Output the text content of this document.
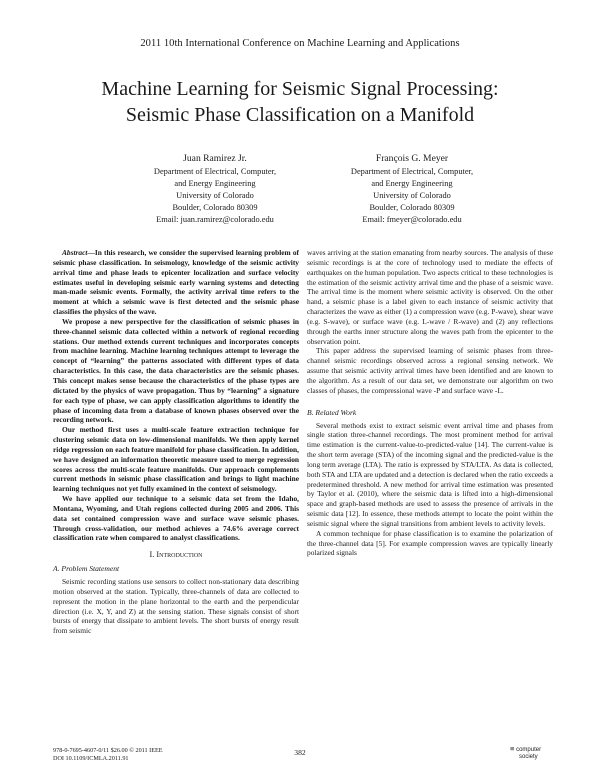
2011 10th International Conference on Machine Learning and Applications
Machine Learning for Seismic Signal Processing:
Seismic Phase Classification on a Manifold
Juan Ramirez Jr.
Department of Electrical, Computer,
and Energy Engineering
University of Colorado
Boulder, Colorado 80309
Email: juan.ramirez@colorado.edu
François G. Meyer
Department of Electrical, Computer,
and Energy Engineering
University of Colorado
Boulder, Colorado 80309
Email: fmeyer@colorado.edu

Abstract—In this research, we consider the supervised learning problem of seismic phase classification. In seismology, knowledge of the seismic activity arrival time and phase leads to epicenter localization and surface velocity estimates useful in developing seismic early warning systems and detecting man-made seismic events. Formally, the activity arrival time refers to the moment at which a seismic wave is first detected and the seismic phase classifies the physics of the wave.

We propose a new perspective for the classification of seismic phases in three-channel seismic data collected within a network of regional recording stations. Our method extends current techniques and incorporates concepts from machine learning. Machine learning techniques attempt to leverage the concept of “learning” the patterns associated with different types of data characteristics. In this case, the data characteristics are the seismic phases. This concept makes sense because the characteristics of the phase types are dictated by the physics of wave propagation. Thus by “learning” a signature for each type of phase, we can apply classification algorithms to identify the phase of incoming data from a database of known phases observed over the recording network.

Our method first uses a multi-scale feature extraction technique for clustering seismic data on low-dimensional manifolds. We then apply kernel ridge regression on each feature manifold for phase classification. In addition, we have designed an information theoretic measure used to merge regression scores across the multi-scale feature manifolds. Our approach complements current methods in seismic phase classification and brings to light machine learning techniques not yet fully examined in the context of seismology.

We have applied our technique to a seismic data set from the Idaho, Montana, Wyoming, and Utah regions collected during 2005 and 2006. This data set contained compression wave and surface wave seismic phases. Through cross-validation, our method achieves a 74.6% average correct classification rate when compared to analyst classifications.

I. Introduction
A. Problem Statement

Seismic recording stations use sensors to collect non-stationary data describing motion observed at the station. Typically, three-channels of data are collected to represent the motion in the plane horizontal to the earth and the perpendicular direction (i.e. X, Y, and Z) at the sensing station. These signals consist of short bursts of energy that dissipate to ambient levels. The short bursts of energy result from seismic

waves arriving at the station emanating from nearby sources. The analysis of these seismic recordings is at the core of technology used to mediate the effects of earthquakes on the human population. Two aspects critical to these technologies is the estimation of the seismic activity arrival time and the phase of a seismic wave. The arrival time is the moment where seismic activity is observed. On the other hand, a seismic phase is a label given to each instance of seismic activity that characterizes the wave as either (1) a compression wave (e.g. P-wave), shear wave (e.g. S-wave), or surface wave (e.g. L-wave / R-wave) and (2) any reflections through the earths inner structure along the waves path from the epicenter to the observation point.

This paper address the supervised learning of seismic phases from three-channel seismic recordings observed across a regional sensing network. We assume that seismic activity arrival times have been identified and are known to the algorithm. As a result of our data set, we demonstrate our algorithm on two classes of phases, the compressional wave -P and surface wave -L.

B. Related Work

Several methods exist to extract seismic event arrival time and phases from single station three-channel recordings. The most prominent method for arrival time estimation is the current-value-to-predicted-value [14]. The current-value is the short term average (STA) of the incoming signal and the predicted-value is the long term average (LTA). The ratio is expressed by STA/LTA. As data is collected, both STA and LTA are updated and a detection is declared when the ratio exceeds a predetermined threshold. A new method for arrival time estimation was presented by Taylor et al. (2010), where the seismic data is lifted into a high-dimensional space and graph-based methods are used to assess the presence of arrivals in the seismic data [12]. In essence, these methods attempt to locate the point within the seismic signal where the signal transitions from ambient levels to activity levels.

A common technique for phase classification is to examine the polarization of the three-channel data [5]. For example compression waves are typically linearly polarized signals

978-0-7695-4607-0/11 $26.00 © 2011 IEEE
DOI 10.1109/ICMLA.2011.91
382	≡ computer
society
